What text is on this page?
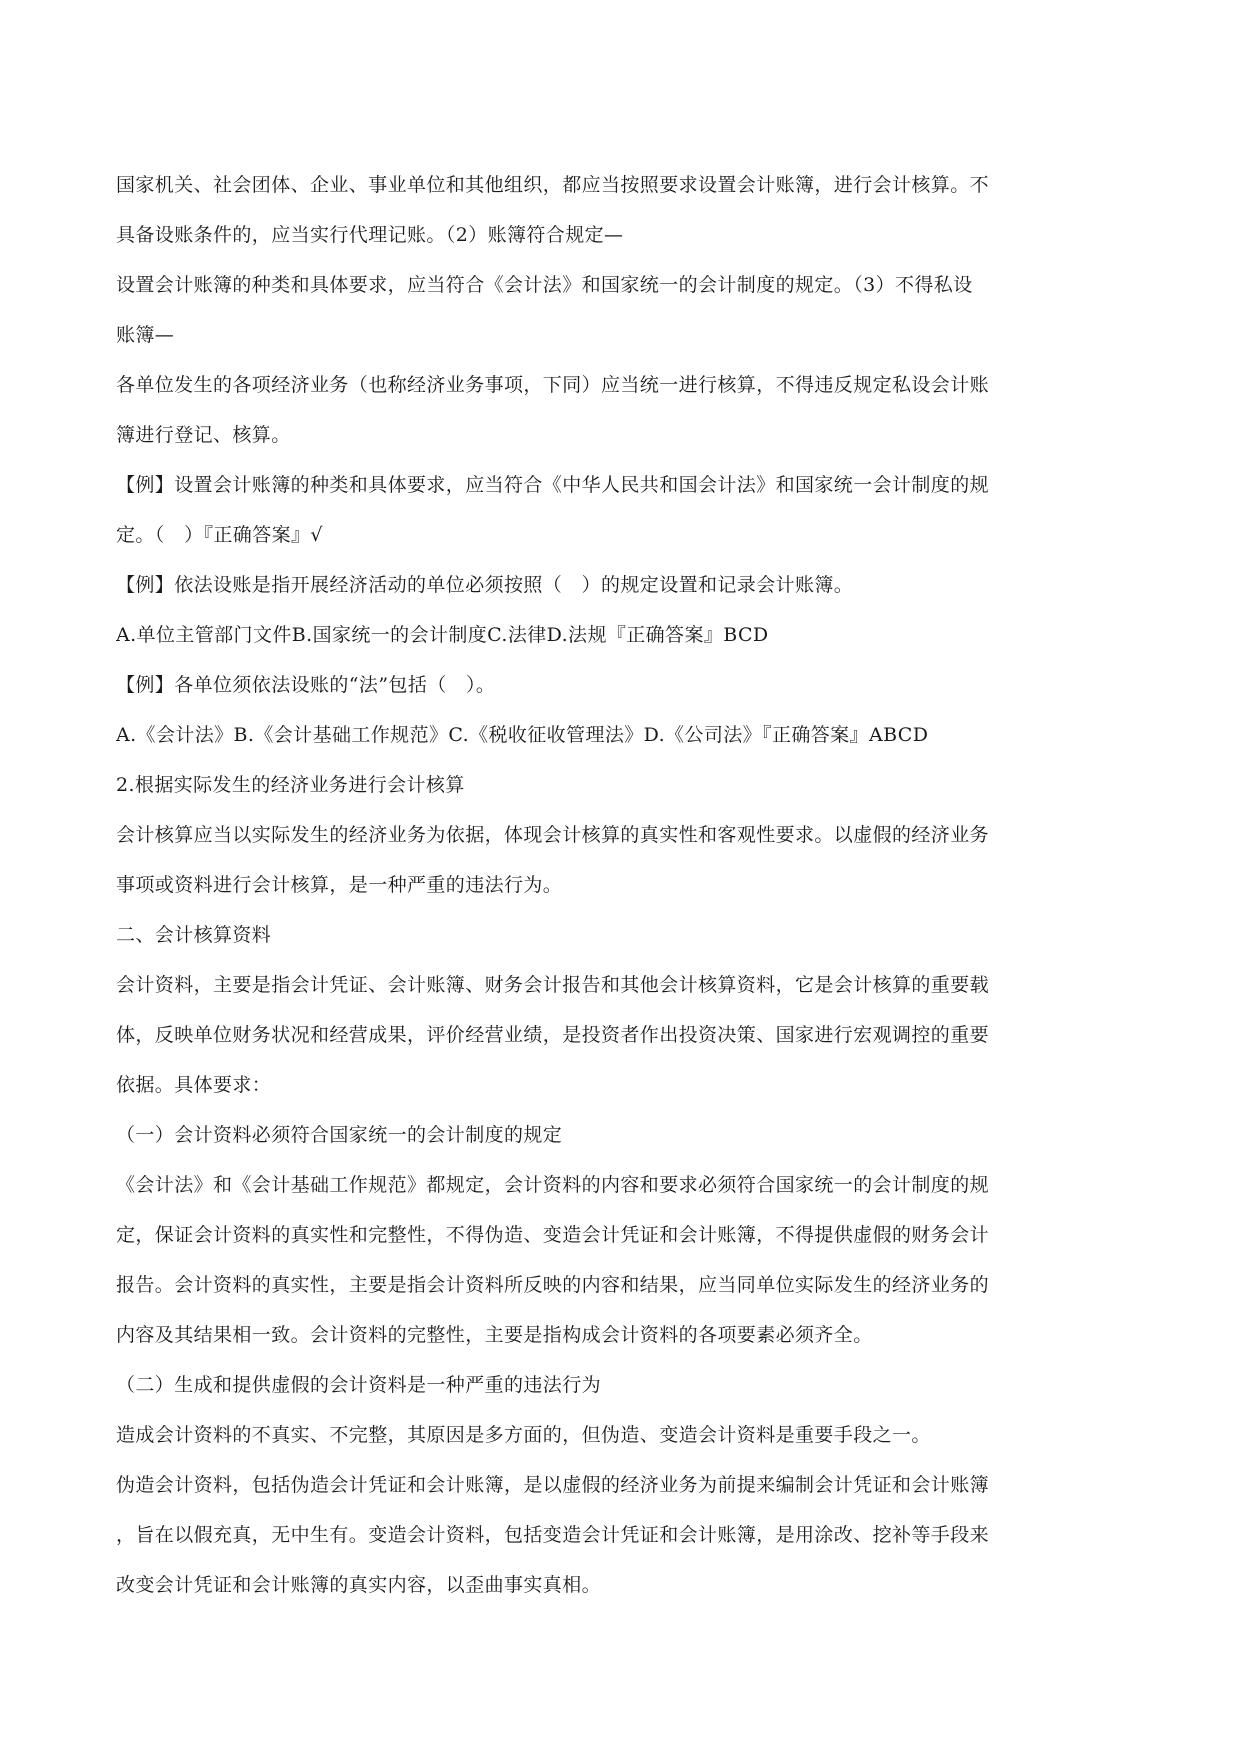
国家机关、社会团体、企业、事业单位和其他组织，都应当按照要求设置会计账簿，进行会计核算。不
具备设账条件的，应当实行代理记账。（2）账簿符合规定—
设置会计账簿的种类和具体要求，应当符合《会计法》和国家统一的会计制度的规定。（3）不得私设
账簿—
各单位发生的各项经济业务（也称经济业务事项，下同）应当统一进行核算，不得违反规定私设会计账
簿进行登记、核算。
【例】设置会计账簿的种类和具体要求，应当符合《中华人民共和国会计法》和国家统一会计制度的规
定。（　）『正确答案』√
【例】依法设账是指开展经济活动的单位必须按照（　）的规定设置和记录会计账簿。
A.单位主管部门文件B.国家统一的会计制度C.法律D.法规『正确答案』BCD
【例】各单位须依法设账的“法”包括（　）。
A.《会计法》B.《会计基础工作规范》C.《税收征收管理法》D.《公司法》『正确答案』ABCD
2.根据实际发生的经济业务进行会计核算
会计核算应当以实际发生的经济业务为依据，体现会计核算的真实性和客观性要求。以虚假的经济业务
事项或资料进行会计核算，是一种严重的违法行为。
二、会计核算资料
会计资料，主要是指会计凭证、会计账簿、财务会计报告和其他会计核算资料，它是会计核算的重要载
体，反映单位财务状况和经营成果，评价经营业绩，是投资者作出投资决策、国家进行宏观调控的重要
依据。具体要求：
（一）会计资料必须符合国家统一的会计制度的规定
《会计法》和《会计基础工作规范》都规定，会计资料的内容和要求必须符合国家统一的会计制度的规
定，保证会计资料的真实性和完整性，不得伪造、变造会计凭证和会计账簿，不得提供虚假的财务会计
报告。会计资料的真实性，主要是指会计资料所反映的内容和结果，应当同单位实际发生的经济业务的
内容及其结果相一致。会计资料的完整性，主要是指构成会计资料的各项要素必须齐全。
（二）生成和提供虚假的会计资料是一种严重的违法行为
造成会计资料的不真实、不完整，其原因是多方面的，但伪造、变造会计资料是重要手段之一。
伪造会计资料，包括伪造会计凭证和会计账簿，是以虚假的经济业务为前提来编制会计凭证和会计账簿
，旨在以假充真，无中生有。变造会计资料，包括变造会计凭证和会计账簿，是用涂改、挖补等手段来
改变会计凭证和会计账簿的真实内容，以歪曲事实真相。
